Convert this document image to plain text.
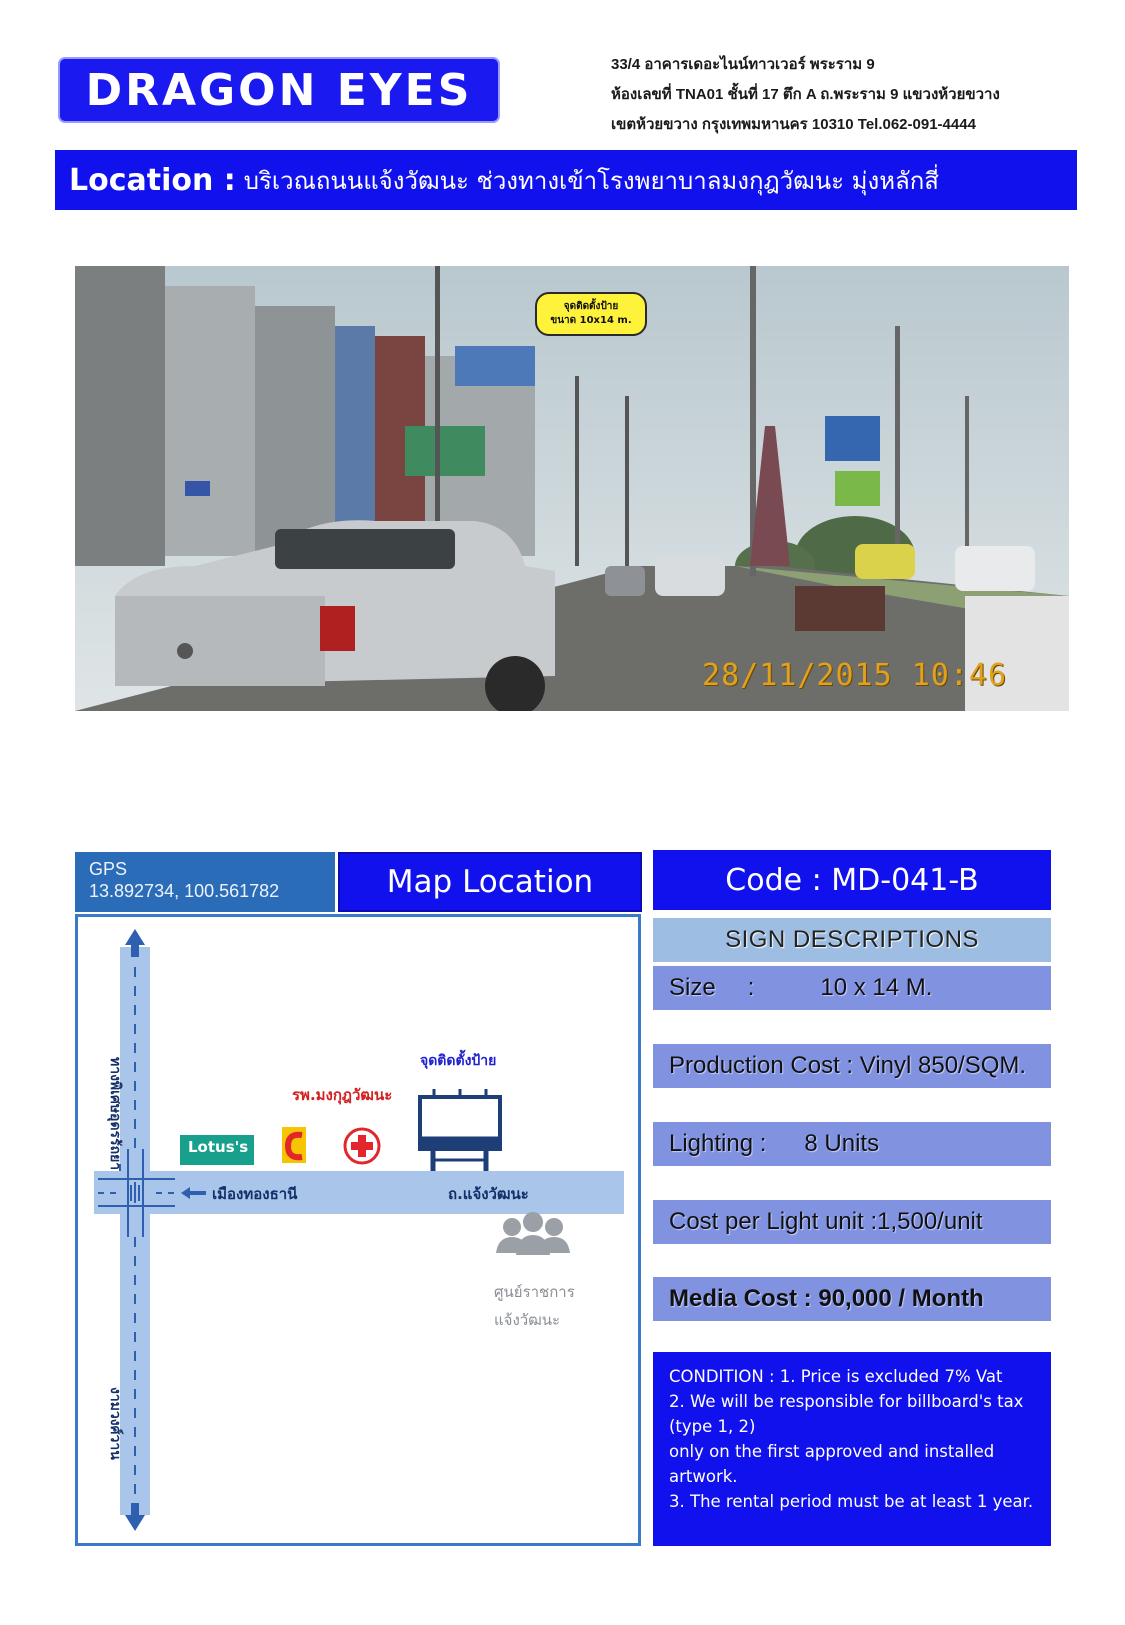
DRAGON EYES	33/4 อาคารเดอะไนน์ทาวเวอร์ พระราม 9
ห้องเลขที่ TNA01 ชั้นที่ 17 ตึก A ถ.พระราม 9 แขวงห้วยขวาง
เขตห้วยขวาง กรุงเทพมหานคร 10310 Tel.062-091-4444
Location : บริเวณถนนแจ้งวัฒนะ ช่วงทางเข้าโรงพยาบาลมงกุฎวัฒนะ มุ่งหลักสี่
จุดติดตั้งป้าย
ขนาด 10x14 m.
28/11/2015 10:46
GPS
13.892734, 100.561782	Map Location
Lotus's
จุดติดตั้งป้าย
รพ.มงกุฎวัฒนะ
เมืองทองธานี	ถ.แจ้งวัฒนะ
ศูนย์ราชการ
แจ้งวัฒนะ
ทางพิเศษอุดรรัถยา
งามวงศ์วาน
Code : MD-041-B
SIGN DESCRIPTIONS
Size :	10 x 14 M.
Production Cost : Vinyl 850/SQM.
Lighting : 8 Units
Cost per Light unit :1,500/unit
Media Cost : 90,000 / Month
CONDITION : 1. Price is excluded 7% Vat
2. We will be responsible for billboard's tax (type 1, 2)
only on the first approved and installed artwork.
3. The rental period must be at least 1 year.
